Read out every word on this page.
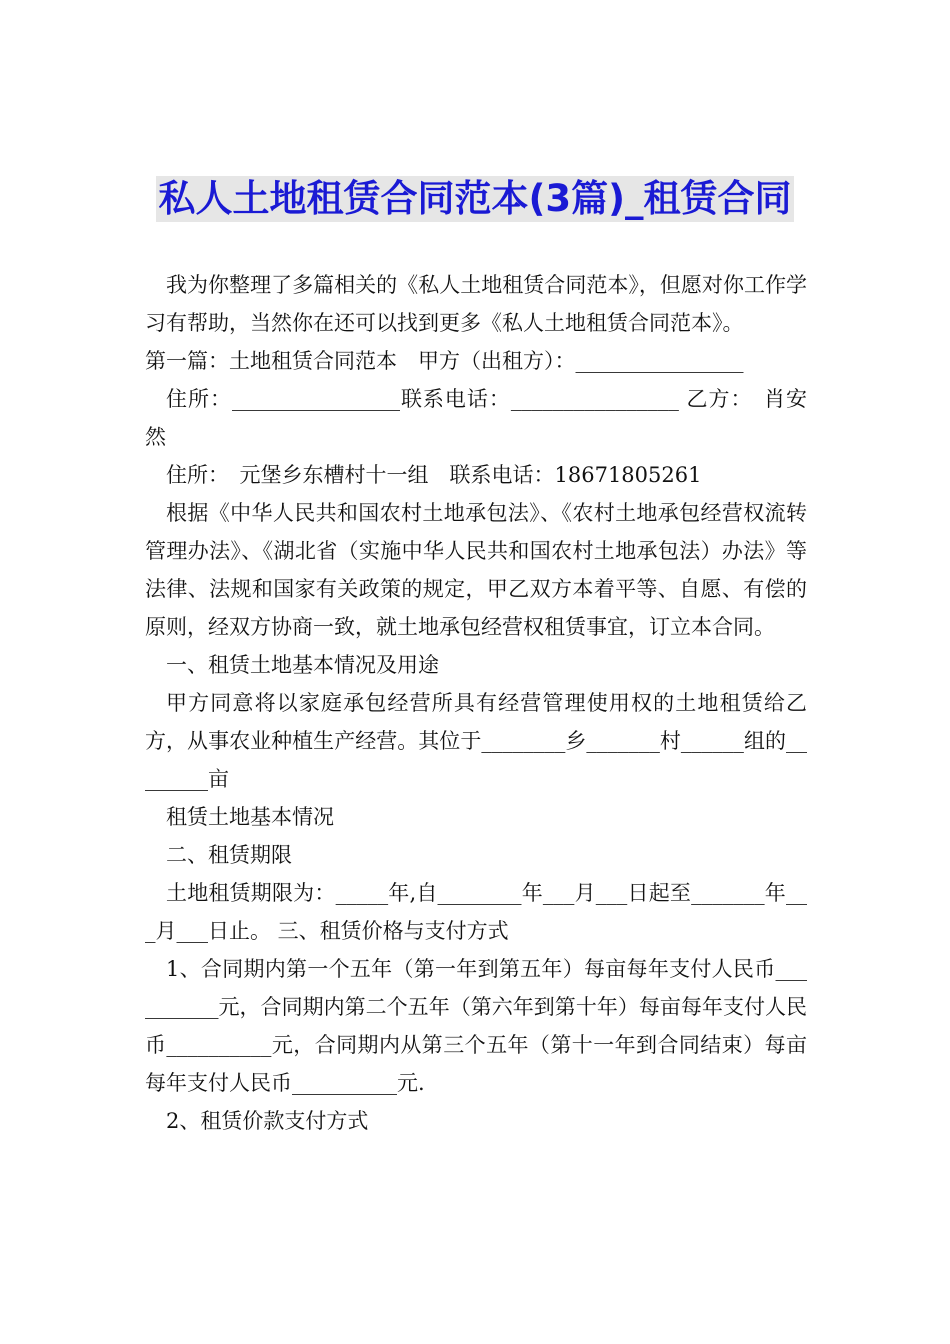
私人土地租赁合同范本(3篇)_租赁合同

我为你整理了多篇相关的《私人土地租赁合同范本》，但愿对你工作学习有帮助，当然你在还可以找到更多《私人土地租赁合同范本》。

第一篇：土地租赁合同范本　甲方（出租方）：________________

住所：________________联系电话：________________ 乙方：　肖安然

住所：　元堡乡东槽村十一组　联系电话：18671805261

根据《中华人民共和国农村土地承包法》、《农村土地承包经营权流转管理办法》、《湖北省（实施中华人民共和国农村土地承包法）办法》等法律、法规和国家有关政策的规定，甲乙双方本着平等、自愿、有偿的原则，经双方协商一致，就土地承包经营权租赁事宜，订立本合同。

一、租赁土地基本情况及用途

甲方同意将以家庭承包经营所具有经营管理使用权的土地租赁给乙方，从事农业种植生产经营。其位于________乡_______村______组的________亩

租赁土地基本情况

二、租赁期限

土地租赁期限为：_____年,自________年___月___日起至_______年___月___日止。 三、租赁价格与支付方式

1、合同期内第一个五年（第一年到第五年）每亩每年支付人民币__________元，合同期内第二个五年（第六年到第十年）每亩每年支付人民币__________元，合同期内从第三个五年（第十一年到合同结束）每亩每年支付人民币__________元.

2、租赁价款支付方式
